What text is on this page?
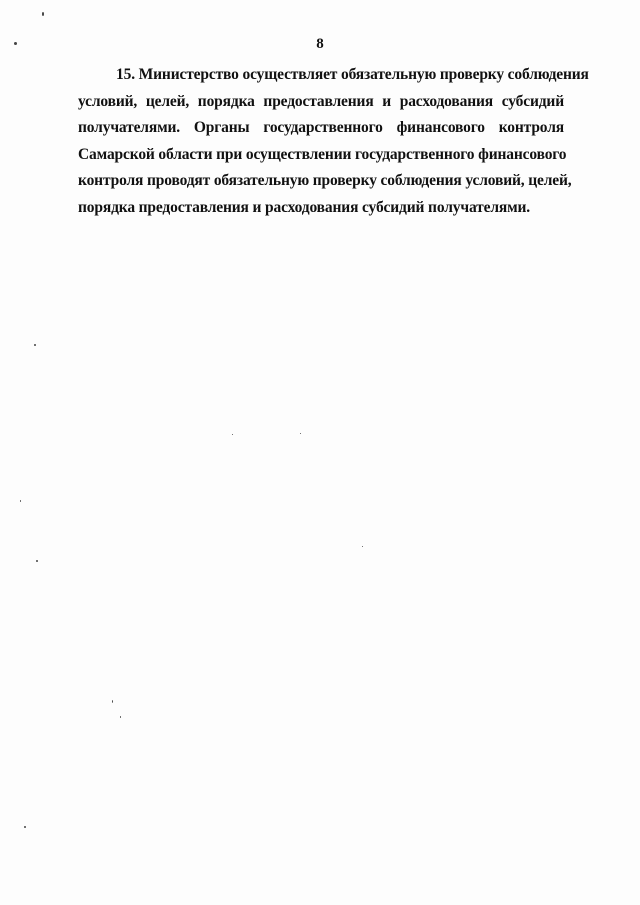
8
15. Министерство осуществляет обязательную проверку соблюдения
условий, целей, порядка предоставления и расходования субсидий
получателями. Органы государственного финансового контроля
Самарской области при осуществлении государственного финансового
контроля проводят обязательную проверку соблюдения условий, целей,
порядка предоставления и расходования субсидий получателями.
